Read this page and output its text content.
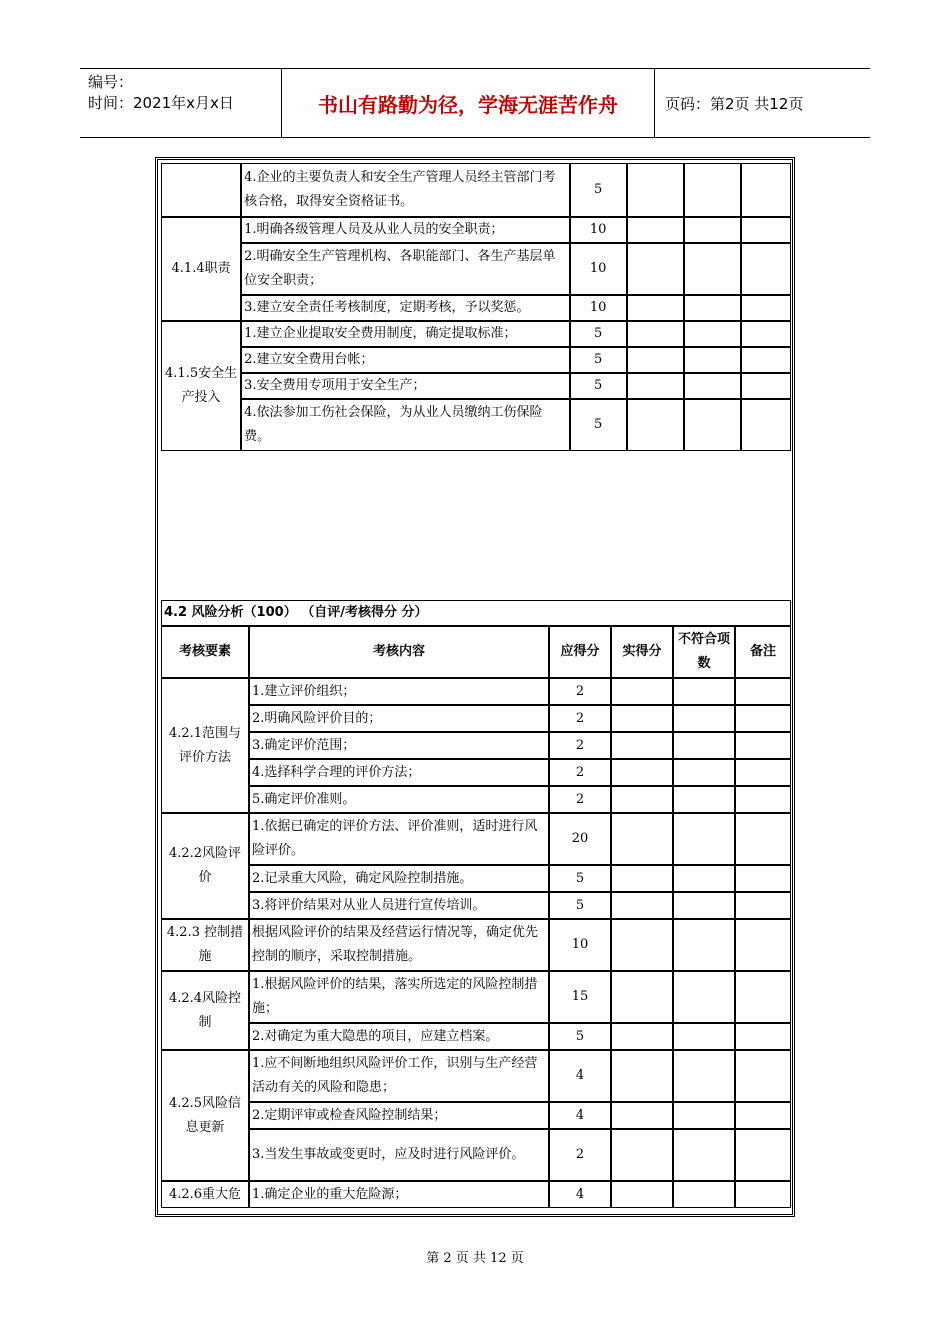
编号：
时间：2021年x月x日	书山有路勤为径，学海无涯苦作舟	页码：第2页 共12页
	4.企业的主要负责人和安全生产管理人员经主管部门考核合格，取得安全资格证书。	5			
4.1.4职责	1.明确各级管理人员及从业人员的安全职责；	10			
	2.明确安全生产管理机构、各职能部门、各生产基层单位安全职责；	10			
	3.建立安全责任考核制度，定期考核，予以奖惩。	10			
4.1.5安全生产投入	1.建立企业提取安全费用制度，确定提取标准；	5			
	2.建立安全费用台帐；	5			
	3.安全费用专项用于安全生产；	5			
	4.依法参加工伤社会保险，为从业人员缴纳工伤保险费。	5			
4.2 风险分析（100） （自评/考核得分 分）					
考核要素	考核内容	应得分	实得分	不符合项数	备注
4.2.1范围与评价方法	1.建立评价组织；	2			
	2.明确风险评价目的；	2			
	3.确定评价范围；	2			
	4.选择科学合理的评价方法；	2			
	5.确定评价准则。	2			
4.2.2风险评价	1.依据已确定的评价方法、评价准则，适时进行风险评价。	20			
	2.记录重大风险，确定风险控制措施。	5			
	3.将评价结果对从业人员进行宣传培训。	5			
4.2.3 控制措施	根据风险评价的结果及经营运行情况等，确定优先控制的顺序，采取控制措施。	10			
4.2.4风险控制	1.根据风险评价的结果，落实所选定的风险控制措施；	15			
	2.对确定为重大隐患的项目，应建立档案。	5			
4.2.5风险信息更新	1.应不间断地组织风险评价工作，识别与生产经营活动有关的风险和隐患；	4			
	2.定期评审或检查风险控制结果；	4			
	3.当发生事故或变更时，应及时进行风险评价。	2			
4.2.6重大危	1.确定企业的重大危险源；	4			
第 2 页 共 12 页
